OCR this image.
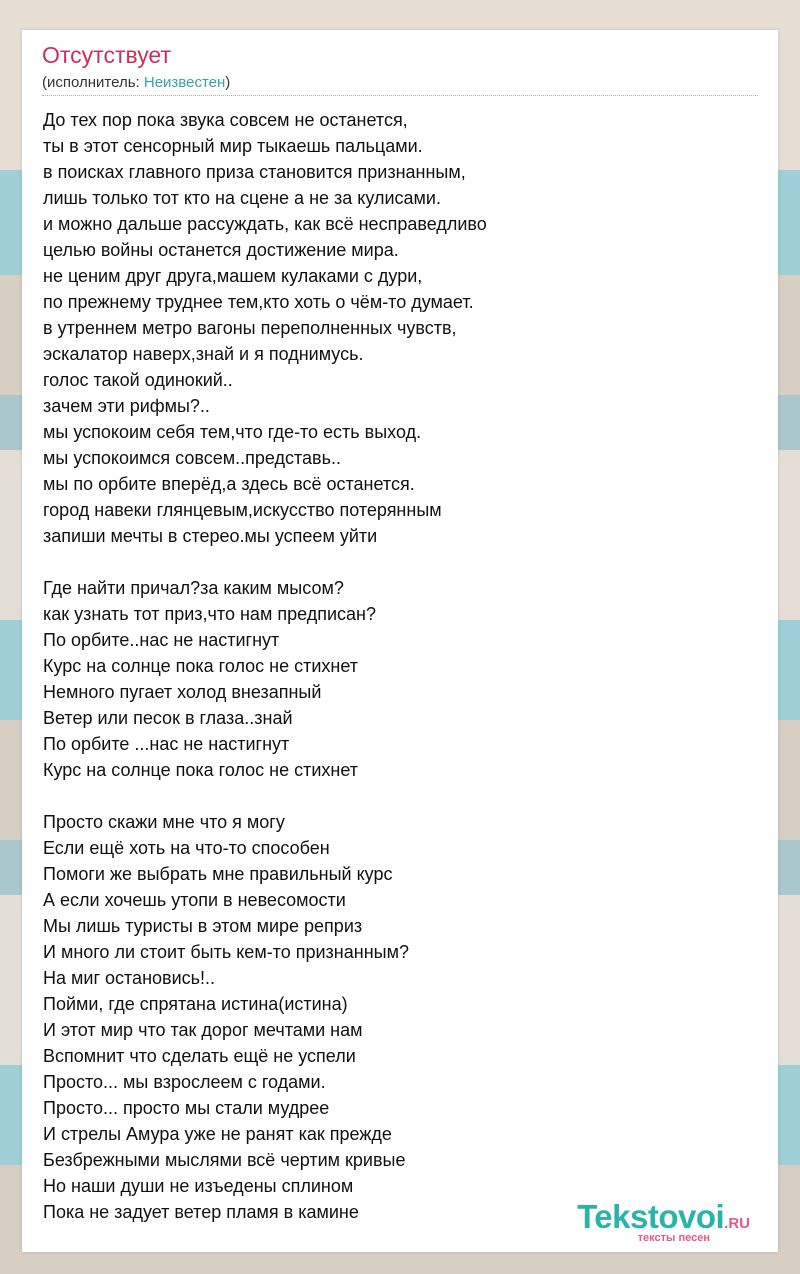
Отсутствует
(исполнитель: Неизвестен)
До тех пор пока звука совсем не останется,
ты в этот сенсорный мир тыкаешь пальцами.
в поисках главного приза становится признанным,
лишь только тот кто на сцене а не за кулисами.
и можно дальше рассуждать, как всё несправедливо
целью войны останется достижение мира.
не ценим друг друга,машем кулаками с дури,
по прежнему труднее тем,кто хоть о чём-то думает.
в утреннем метро вагоны переполненных чувств,
эскалатор наверх,знай и я поднимусь.
голос такой одинокий..
зачем эти рифмы?..
мы успокоим себя тем,что где-то есть выход.
мы успокоимся совсем..представь..
мы по орбите вперёд,а здесь всё останется.
город навеки глянцевым,искусство потерянным
запиши мечты в стерео.мы успеем уйти
Где найти причал?за каким мысом?
как узнать тот приз,что нам предписан?
По орбите..нас не настигнут
Курс на солнце пока голос не стихнет
Немного пугает холод внезапный
Ветер или песок в глаза..знай
По орбите ...нас не настигнут
Курс на солнце пока голос не стихнет
Просто скажи мне что я могу
Если ещё хоть на что-то способен
Помоги же выбрать мне правильный курс
А если хочешь утопи в невесомости
Мы лишь туристы в этом мире реприз
И много ли стоит быть кем-то признанным?
На миг остановись!..
Пойми, где спрятана истина(истина)
И этот мир что так дорог мечтами нам
Вспомнит что сделать ещё не успели
Просто... мы взрослеем с годами.
Просто... просто мы стали мудрее
И стрелы Амура уже не ранят как прежде
Безбрежными мыслями всё чертим кривые
Но наши души не изъедены сплином
Пока не задует ветер пламя в камине	Tekstovoi.RU
тексты песен
